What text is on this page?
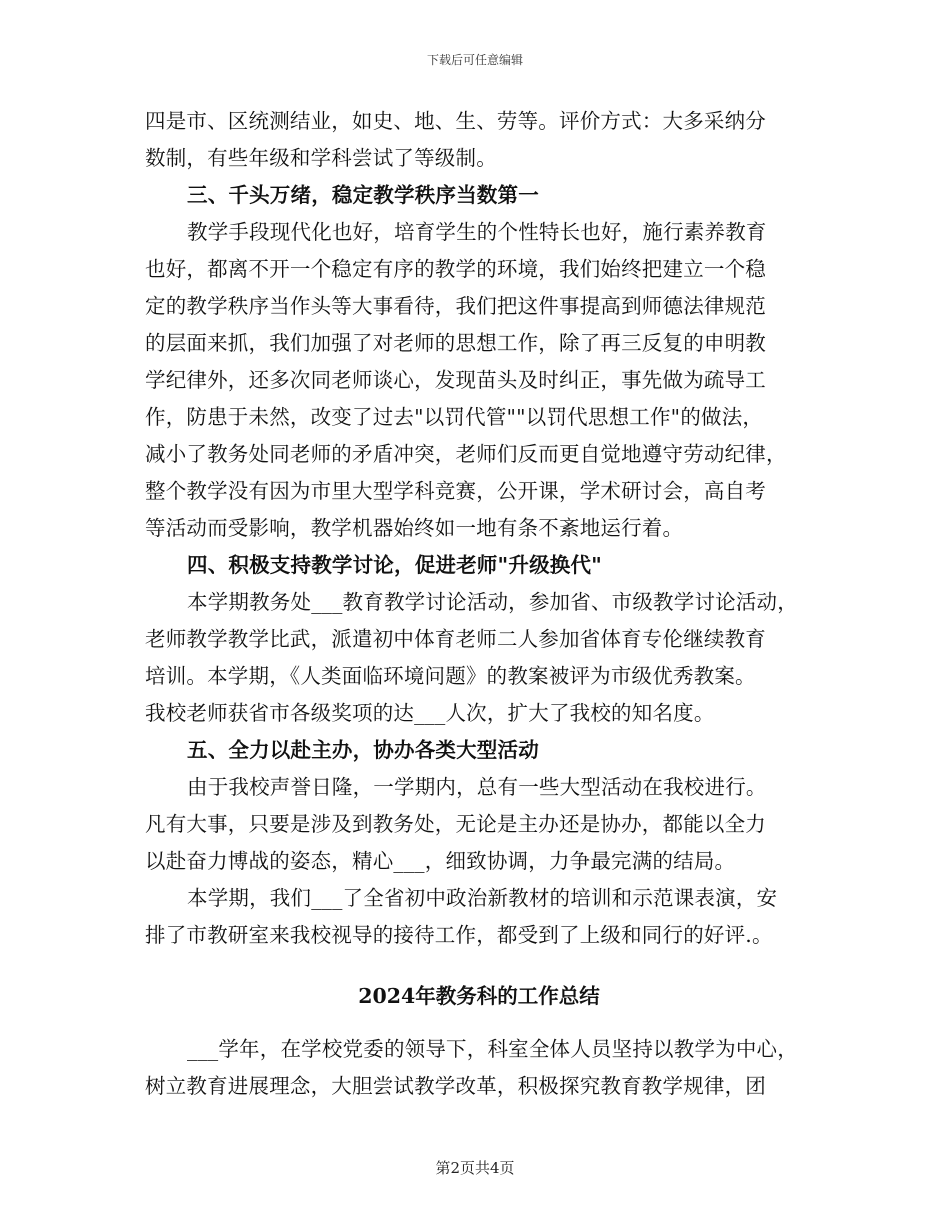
下载后可任意编辑
四是市、区统测结业，如史、地、生、劳等。评价方式：大多采纳分
数制，有些年级和学科尝试了等级制。
三、千头万绪，稳定教学秩序当数第一
教学手段现代化也好，培育学生的个性特长也好，施行素养教育
也好，都离不开一个稳定有序的教学的环境，我们始终把建立一个稳
定的教学秩序当作头等大事看待，我们把这件事提高到师德法律规范
的层面来抓，我们加强了对老师的思想工作，除了再三反复的申明教
学纪律外，还多次同老师谈心，发现苗头及时纠正，事先做为疏导工
作，防患于未然，改变了过去"以罚代管""以罚代思想工作"的做法，
减小了教务处同老师的矛盾冲突，老师们反而更自觉地遵守劳动纪律，
整个教学没有因为市里大型学科竞赛，公开课，学术研讨会，高自考
等活动而受影响，教学机器始终如一地有条不紊地运行着。
四、积极支持教学讨论，促进老师"升级换代"
本学期教务处___教育教学讨论活动，参加省、市级教学讨论活动，
老师教学教学比武，派遣初中体育老师二人参加省体育专伦继续教育
培训。本学期，《人类面临环境问题》的教案被评为市级优秀教案。
我校老师获省市各级奖项的达___人次，扩大了我校的知名度。
五、全力以赴主办，协办各类大型活动
由于我校声誉日隆，一学期内，总有一些大型活动在我校进行。
凡有大事，只要是涉及到教务处，无论是主办还是协办，都能以全力
以赴奋力博战的姿态，精心___，细致协调，力争最完满的结局。
本学期，我们___了全省初中政治新教材的培训和示范课表演，安
排了市教研室来我校视导的接待工作，都受到了上级和同行的好评.。
2024年教务科的工作总结
___学年，在学校党委的领导下，科室全体人员坚持以教学为中心，
树立教育进展理念，大胆尝试教学改革，积极探究教育教学规律，团
第2页共4页
